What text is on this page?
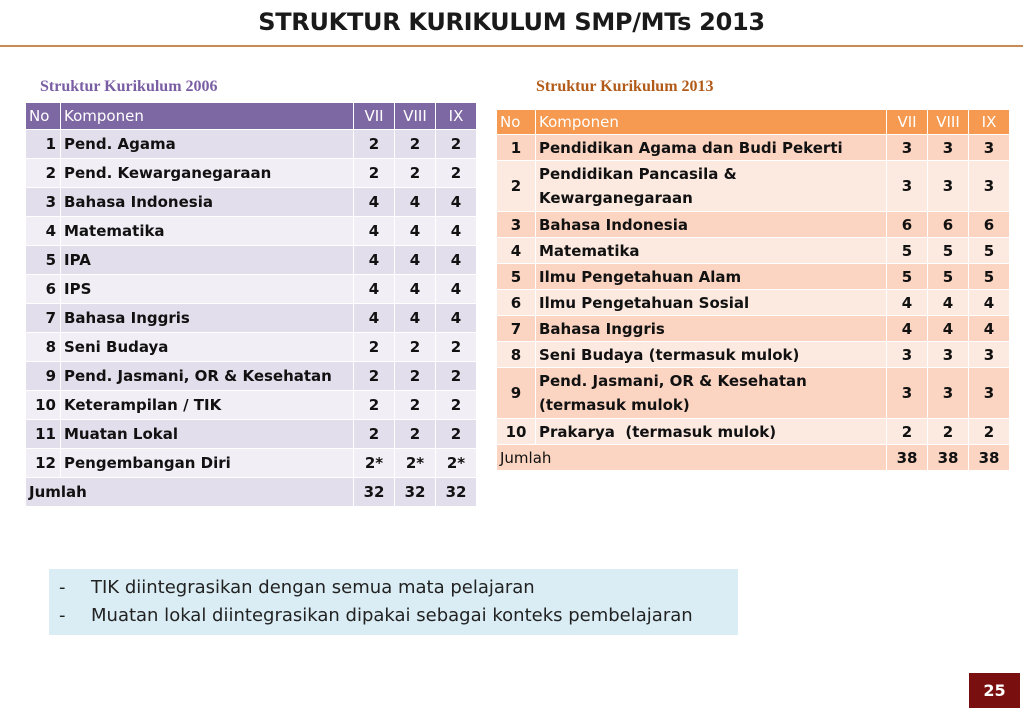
STRUKTUR KURIKULUM SMP/MTs 2013
Struktur Kurikulum 2006	Struktur Kurikulum 2013
No	Komponen	VII	VIII	IX
1	Pend. Agama	2	2	2
2	Pend. Kewarganegaraan	2	2	2
3	Bahasa Indonesia	4	4	4
4	Matematika	4	4	4
5	IPA	4	4	4
6	IPS	4	4	4
7	Bahasa Inggris	4	4	4
8	Seni Budaya	2	2	2
9	Pend. Jasmani, OR & Kesehatan	2	2	2
10	Keterampilan / TIK	2	2	2
11	Muatan Lokal	2	2	2
12	Pengembangan Diri	2*	2*	2*
Jumlah		32	32	32
No	Komponen	VII	VIII	IX
1	Pendidikan Agama dan Budi Pekerti	3	3	3
2	Pendidikan Pancasila & Kewarganegaraan	3	3	3
3	Bahasa Indonesia	6	6	6
4	Matematika	5	5	5
5	Ilmu Pengetahuan Alam	5	5	5
6	Ilmu Pengetahuan Sosial	4	4	4
7	Bahasa Inggris	4	4	4
8	Seni Budaya (termasuk mulok)	3	3	3
9	Pend. Jasmani, OR & Kesehatan (termasuk mulok)	3	3	3
10	Prakarya  (termasuk mulok)	2	2	2
Jumlah		38	38	38
- TIK diintegrasikan dengan semua mata pelajaran
- Muatan lokal diintegrasikan dipakai sebagai konteks pembelajaran
25
